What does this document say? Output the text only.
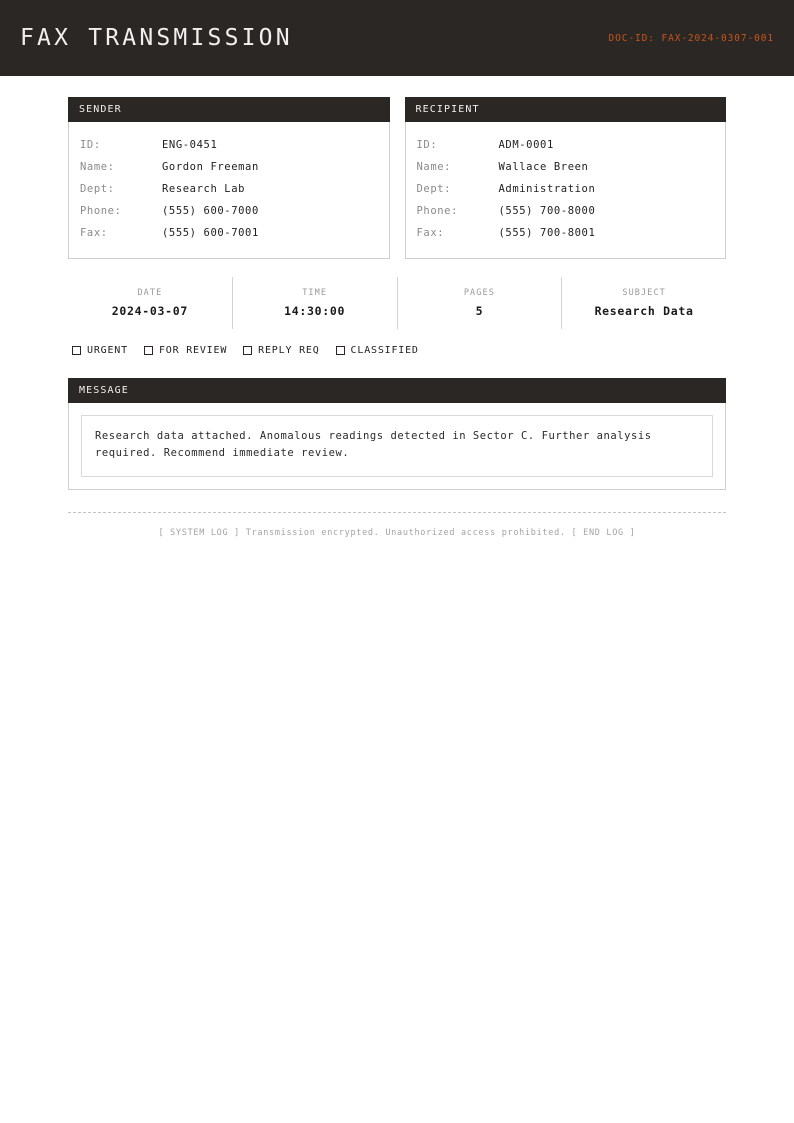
FAX TRANSMISSION	DOC-ID: FAX-2024-0307-001
SENDER
ID:	ENG-0451
Name:	Gordon Freeman
Dept:	Research Lab
Phone:	(555) 600-7000
Fax:	(555) 600-7001
RECIPIENT
ID:	ADM-0001
Name:	Wallace Breen
Dept:	Administration
Phone:	(555) 700-8000
Fax:	(555) 700-8001
DATE
2024-03-07
TIME
14:30:00
PAGES
5
SUBJECT
Research Data
URGENT	FOR REVIEW	REPLY REQ	CLASSIFIED
MESSAGE
Research data attached. Anomalous readings detected in Sector C. Further analysis required. Recommend immediate review.
[ SYSTEM LOG ] Transmission encrypted. Unauthorized access prohibited. [ END LOG ]
